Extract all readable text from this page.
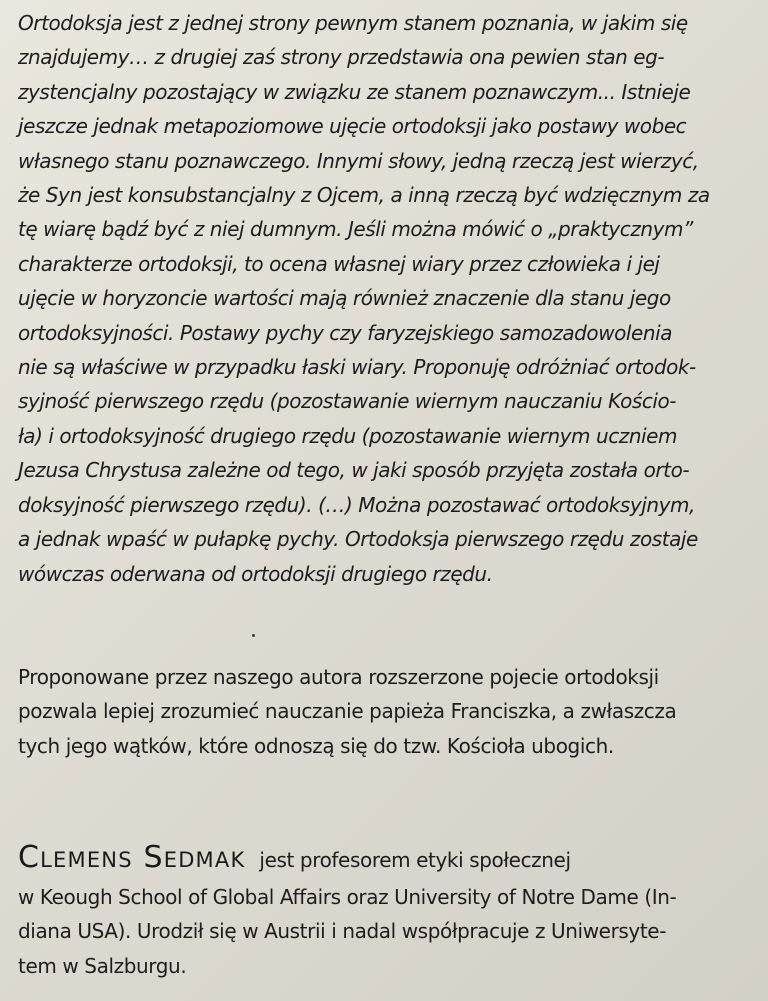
Ortodoksja jest z jednej strony pewnym stanem poznania, w jakim się
znajdujemy… z drugiej zaś strony przedstawia ona pewien stan eg-
zystencjalny pozostający w związku ze stanem poznawczym... Istnieje
jeszcze jednak metapoziomowe ujęcie ortodoksji jako postawy wobec
własnego stanu poznawczego. Innymi słowy, jedną rzeczą jest wierzyć,
że Syn jest konsubstancjalny z Ojcem, a inną rzeczą być wdzięcznym za
tę wiarę bądź być z niej dumnym. Jeśli można mówić o „praktycznym”
charakterze ortodoksji, to ocena własnej wiary przez człowieka i jej
ujęcie w horyzoncie wartości mają również znaczenie dla stanu jego
ortodoksyjności. Postawy pychy czy faryzejskiego samozadowolenia
nie są właściwe w przypadku łaski wiary. Proponuję odróżniać ortodok-
syjność pierwszego rzędu (pozostawanie wiernym nauczaniu Kościo-
ła) i ortodoksyjność drugiego rzędu (pozostawanie wiernym uczniem
Jezusa Chrystusa zależne od tego, w jaki sposób przyjęta została orto-
doksyjność pierwszego rzędu). (…) Można pozostawać ortodoksyjnym,
a jednak wpaść w pułapkę pychy. Ortodoksja pierwszego rzędu zostaje
wówczas oderwana od ortodoksji drugiego rzędu.
Proponowane przez naszego autora rozszerzone pojecie ortodoksji
pozwala lepiej zrozumieć nauczanie papieża Franciszka, a zwłaszcza
tych jego wątków, które odnoszą się do tzw. Kościoła ubogich.
Clemens Sedmak jest profesorem etyki społecznej
w Keough School of Global Affairs oraz University of Notre Dame (In-
diana USA). Urodził się w Austrii i nadal współpracuje z Uniwersyte-
tem w Salzburgu.
